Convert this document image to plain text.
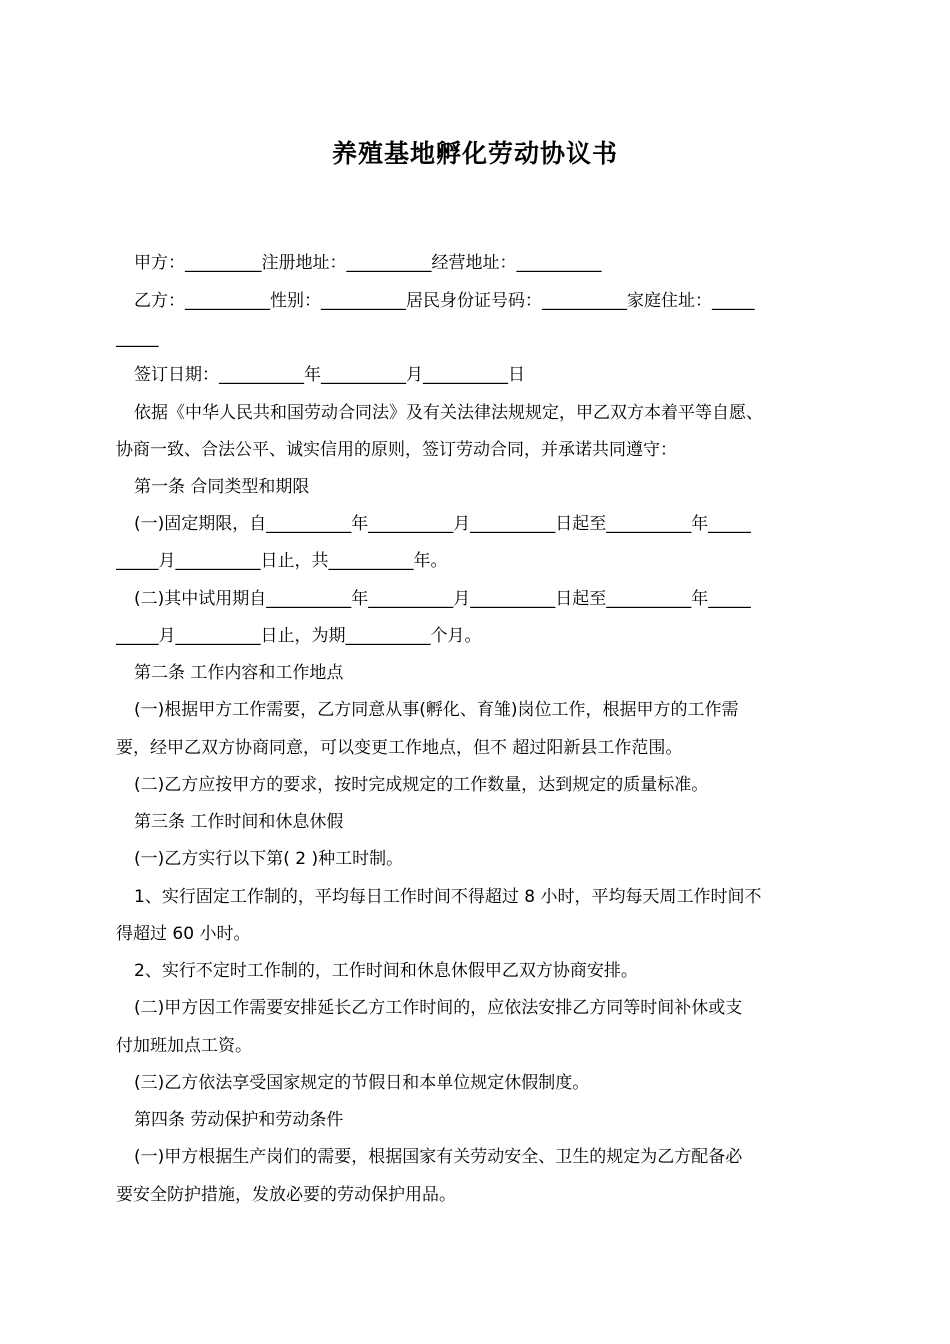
养殖基地孵化劳动协议书
甲方：_________注册地址：__________经营地址：__________
乙方：__________性别：__________居民身份证号码：__________家庭住址：_____
_____
签订日期：__________年__________月__________日
依据《中华人民共和国劳动合同法》及有关法律法规规定，甲乙双方本着平等自愿、
协商一致、合法公平、诚实信用的原则，签订劳动合同，并承诺共同遵守：
第一条 合同类型和期限
(一)固定期限，自__________年__________月__________日起至__________年_____
_____月__________日止，共__________年。
(二)其中试用期自__________年__________月__________日起至__________年_____
_____月__________日止，为期__________个月。
第二条 工作内容和工作地点
(一)根据甲方工作需要，乙方同意从事(孵化、育雏)岗位工作，根据甲方的工作需
要，经甲乙双方协商同意，可以变更工作地点，但不 超过阳新县工作范围。
(二)乙方应按甲方的要求，按时完成规定的工作数量，达到规定的质量标准。
第三条 工作时间和休息休假
(一)乙方实行以下第( 2 )种工时制。
1、实行固定工作制的，平均每日工作时间不得超过 8 小时，平均每天周工作时间不
得超过 60 小时。
2、实行不定时工作制的，工作时间和休息休假甲乙双方协商安排。
(二)甲方因工作需要安排延长乙方工作时间的，应依法安排乙方同等时间补休或支
付加班加点工资。
(三)乙方依法享受国家规定的节假日和本单位规定休假制度。
第四条 劳动保护和劳动条件
(一)甲方根据生产岗们的需要，根据国家有关劳动安全、卫生的规定为乙方配备必
要安全防护措施，发放必要的劳动保护用品。
